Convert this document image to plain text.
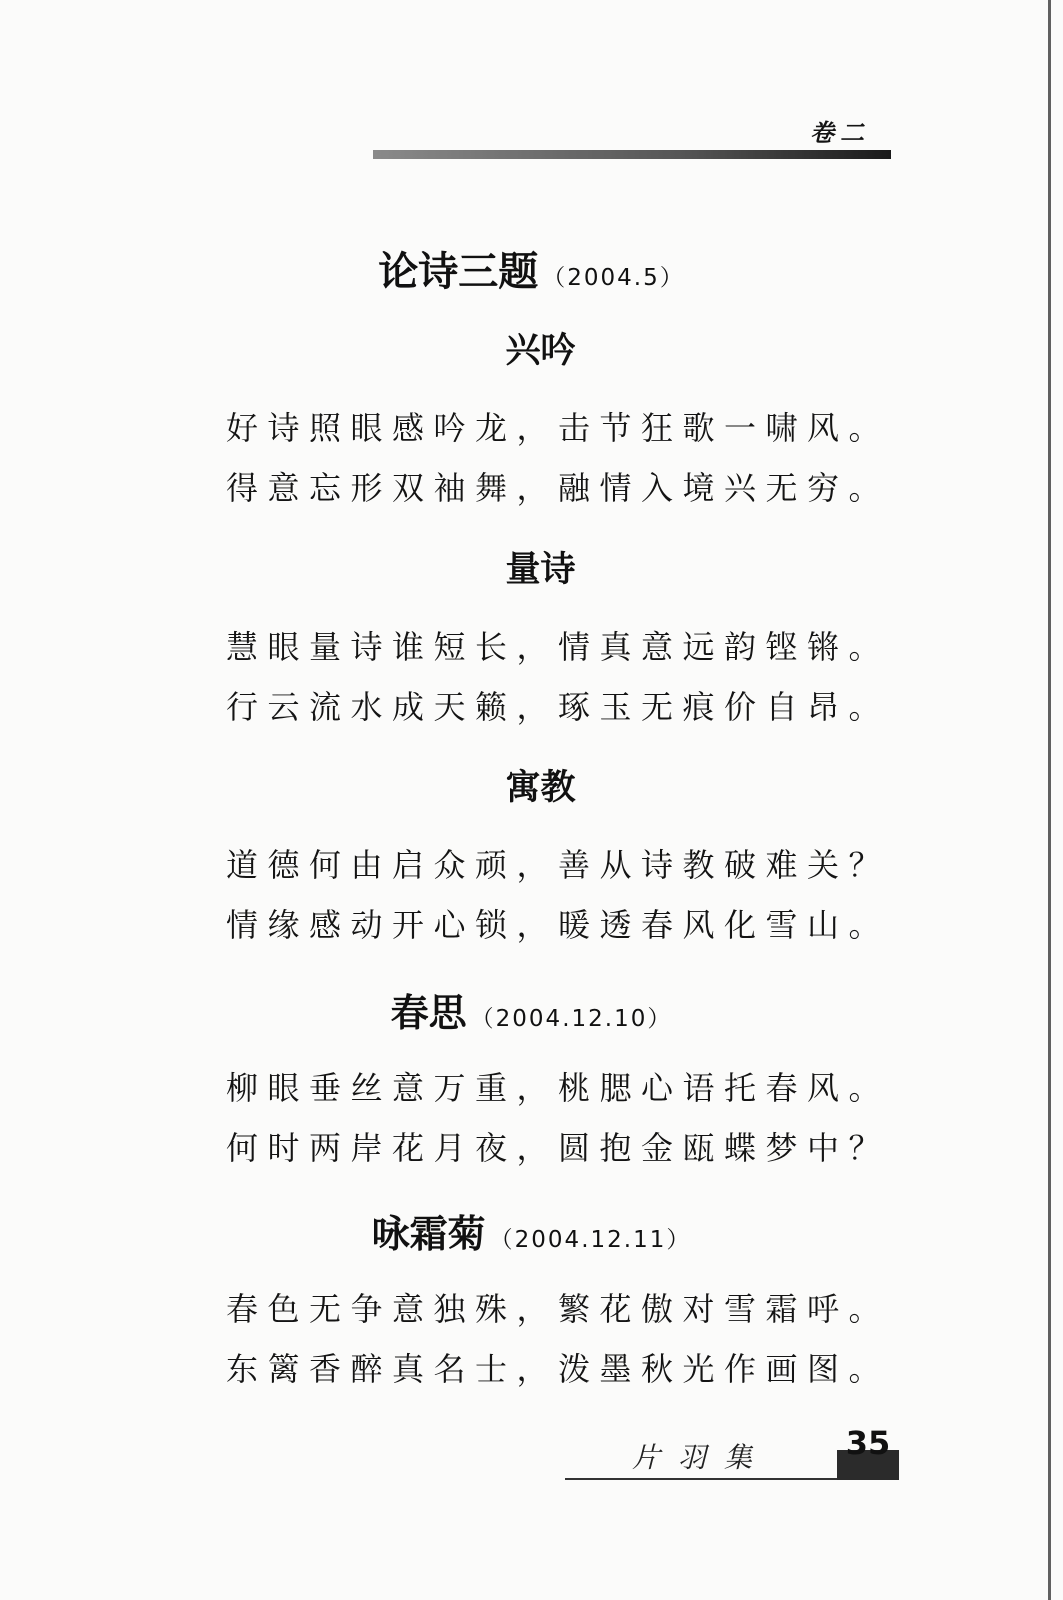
卷二
论诗三题 （2004.5）
兴吟
好诗照眼感吟龙，击节狂歌一啸风。
得意忘形双袖舞，融情入境兴无穷。
量诗
慧眼量诗谁短长，情真意远韵铿锵。
行云流水成天籁，琢玉无痕价自昂。
寓教
道德何由启众顽，善从诗教破难关？
情缘感动开心锁，暖透春风化雪山。
春思 （2004.12.10）
柳眼垂丝意万重，桃腮心语托春风。
何时两岸花月夜，圆抱金瓯蝶梦中？
咏霜菊 （2004.12.11）
春色无争意独殊，繁花傲对雪霜呼。
东篱香醉真名士，泼墨秋光作画图。
片羽集	35
